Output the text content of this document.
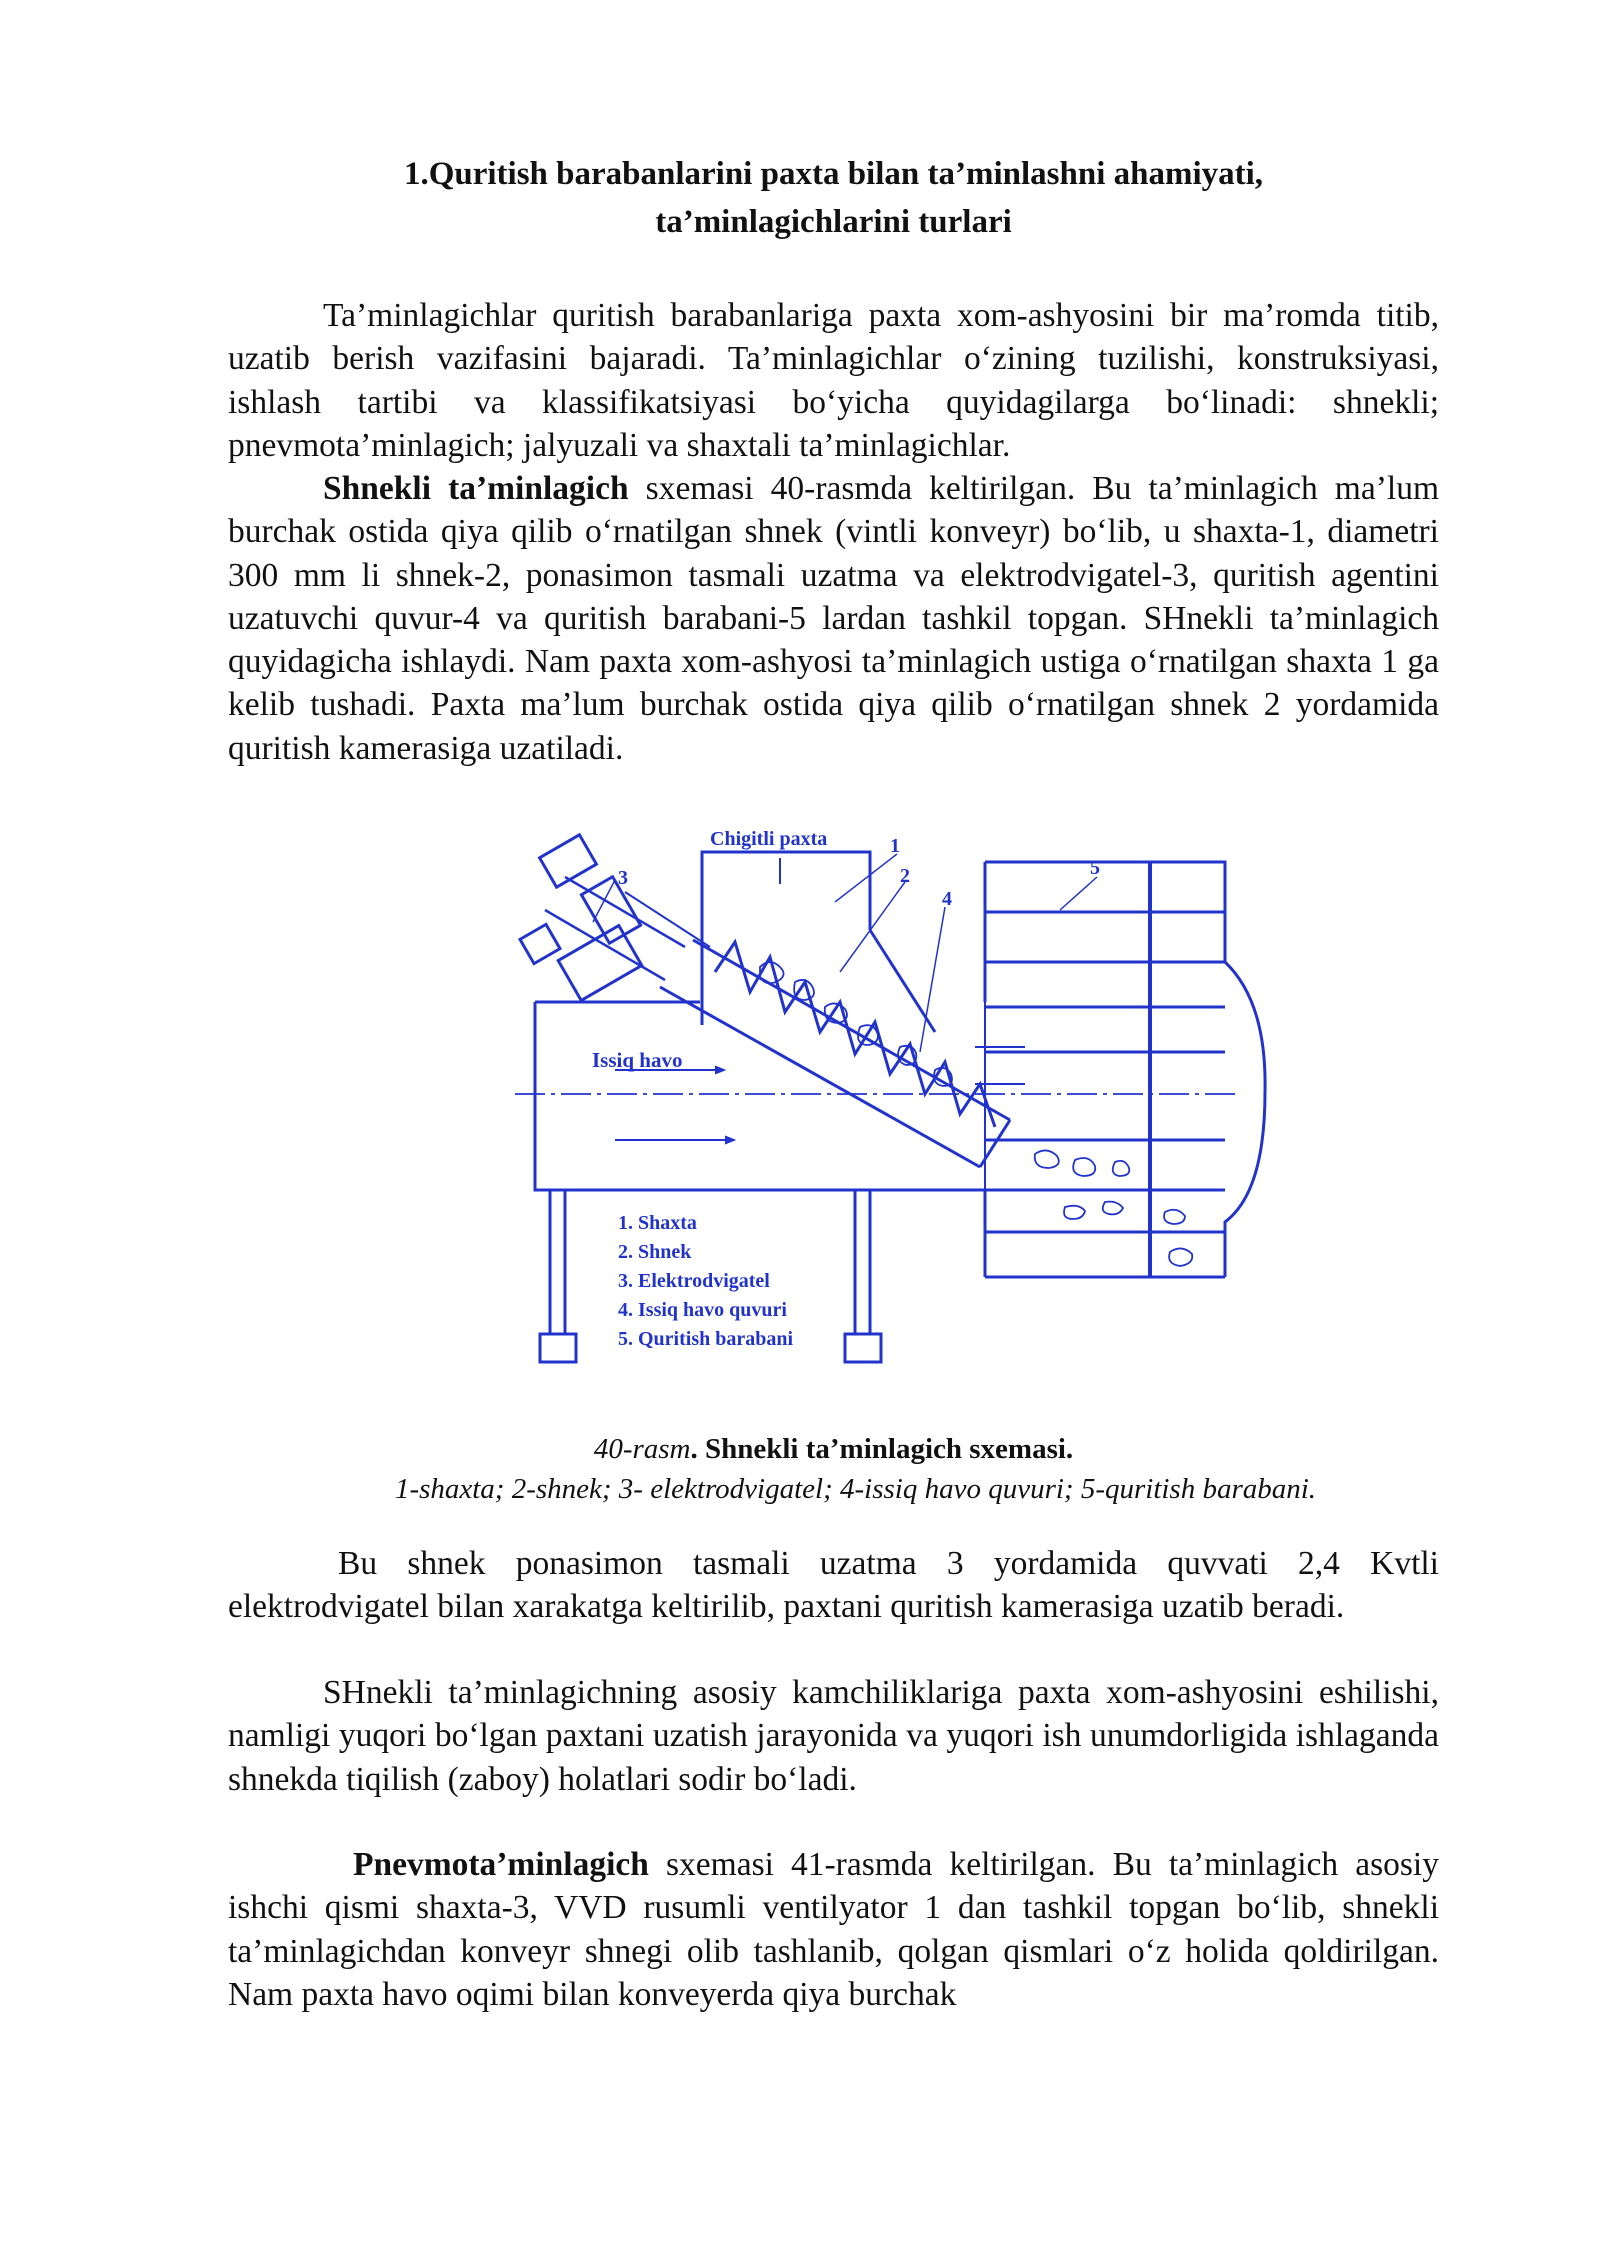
1.Quritish barabanlarini paxta bilan ta’minlashni ahamiyati,
ta’minlagichlarini turlari
Ta’minlagichlar quritish barabanlariga paxta xom-ashyosini bir ma’romda titib, uzatib berish vazifasini bajaradi. Ta’minlagichlar o‘zining tuzilishi, konstruksiyasi, ishlash tartibi va klassifikatsiyasi bo‘yicha quyidagilarga bo‘linadi: shnekli; pnevmota’minlagich; jalyuzali va shaxtali ta’minlagichlar.
Shnekli ta’minlagich sxemasi 40-rasmda keltirilgan. Bu ta’minlagich ma’lum burchak ostida qiya qilib o‘rnatilgan shnek (vintli konveyr) bo‘lib, u shaxta-1, diametri 300 mm li shnek-2, ponasimon tasmali uzatma va elektrodvigatel-3, quritish agentini uzatuvchi quvur-4 va quritish barabani-5 lardan tashkil topgan. SHnekli ta’minlagich quyidagicha ishlaydi. Nam paxta xom-ashyosi ta’minlagich ustiga o‘rnatilgan shaxta 1 ga kelib tushadi. Paxta ma’lum burchak ostida qiya qilib o‘rnatilgan shnek 2 yordamida quritish kamerasiga uzatiladi.
Chigitli paxta
Issiq havo
1
2
3
4
5
1. Shaxta
2. Shnek
3. Elektrodvigatel
4. Issiq havo quvuri
5. Quritish barabani
40-rasm. Shnekli ta’minlagich sxemasi.
1-shaxta; 2-shnek; 3- elektrodvigatel; 4-issiq havo quvuri; 5-quritish barabani.
Bu shnek ponasimon tasmali uzatma 3 yordamida quvvati 2,4 Kvtli elektrodvigatel bilan xarakatga keltirilib, paxtani quritish kamerasiga uzatib beradi.
SHnekli ta’minlagichning asosiy kamchiliklariga paxta xom-ashyosini eshilishi, namligi yuqori bo‘lgan paxtani uzatish jarayonida va yuqori ish unumdorligida ishlaganda shnekda tiqilish (zaboy) holatlari sodir bo‘ladi.
Pnevmota’minlagich sxemasi 41-rasmda keltirilgan. Bu ta’minlagich asosiy ishchi qismi shaxta-3, VVD rusumli ventilyator 1 dan tashkil topgan bo‘lib, shnekli ta’minlagichdan konveyr shnegi olib tashlanib, qolgan qismlari o‘z holida qoldirilgan. Nam paxta havo oqimi bilan konveyerda qiya burchak
